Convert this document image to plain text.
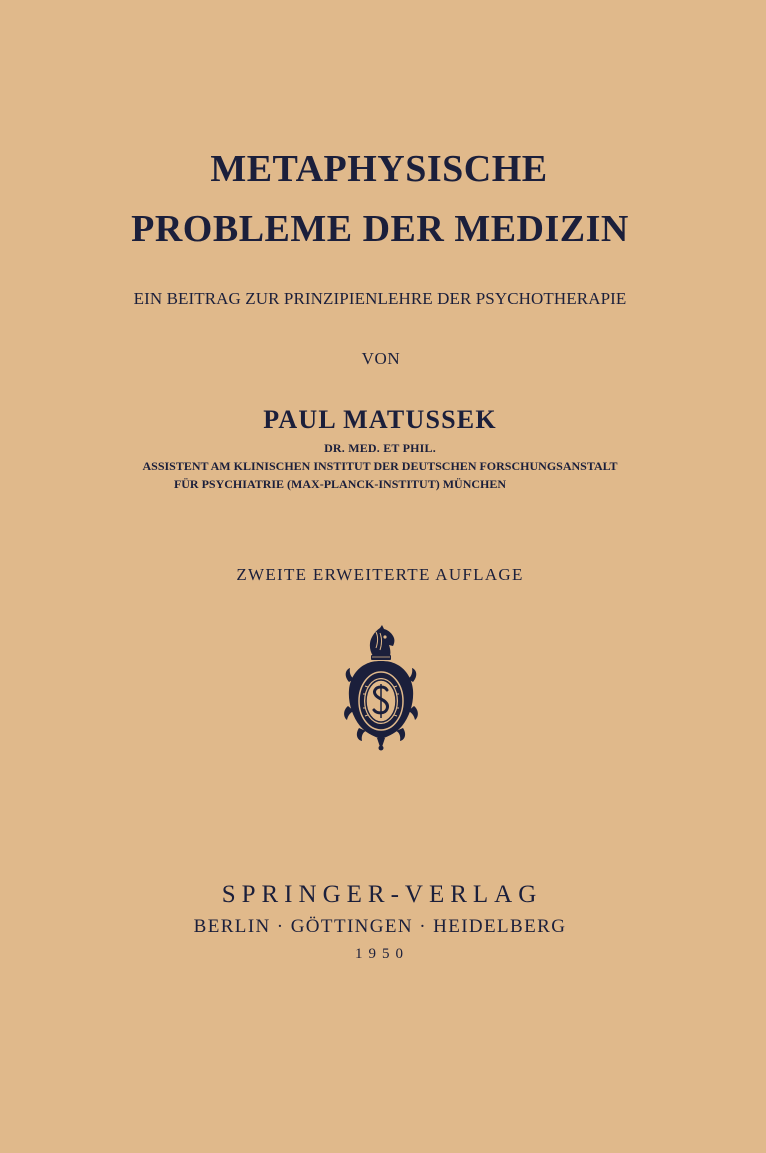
METAPHYSISCHE
PROBLEME DER MEDIZIN
EIN BEITRAG ZUR PRINZIPIENLEHRE DER PSYCHOTHERAPIE
VON
PAUL MATUSSEK
DR. MED. ET PHIL.
ASSISTENT AM KLINISCHEN INSTITUT DER DEUTSCHEN FORSCHUNGSANSTALT
FÜR PSYCHIATRIE (MAX-PLANCK-INSTITUT) MÜNCHEN
ZWEITE ERWEITERTE AUFLAGE
SPRINGER-VERLAG
BERLIN · GÖTTINGEN · HEIDELBERG
1950
